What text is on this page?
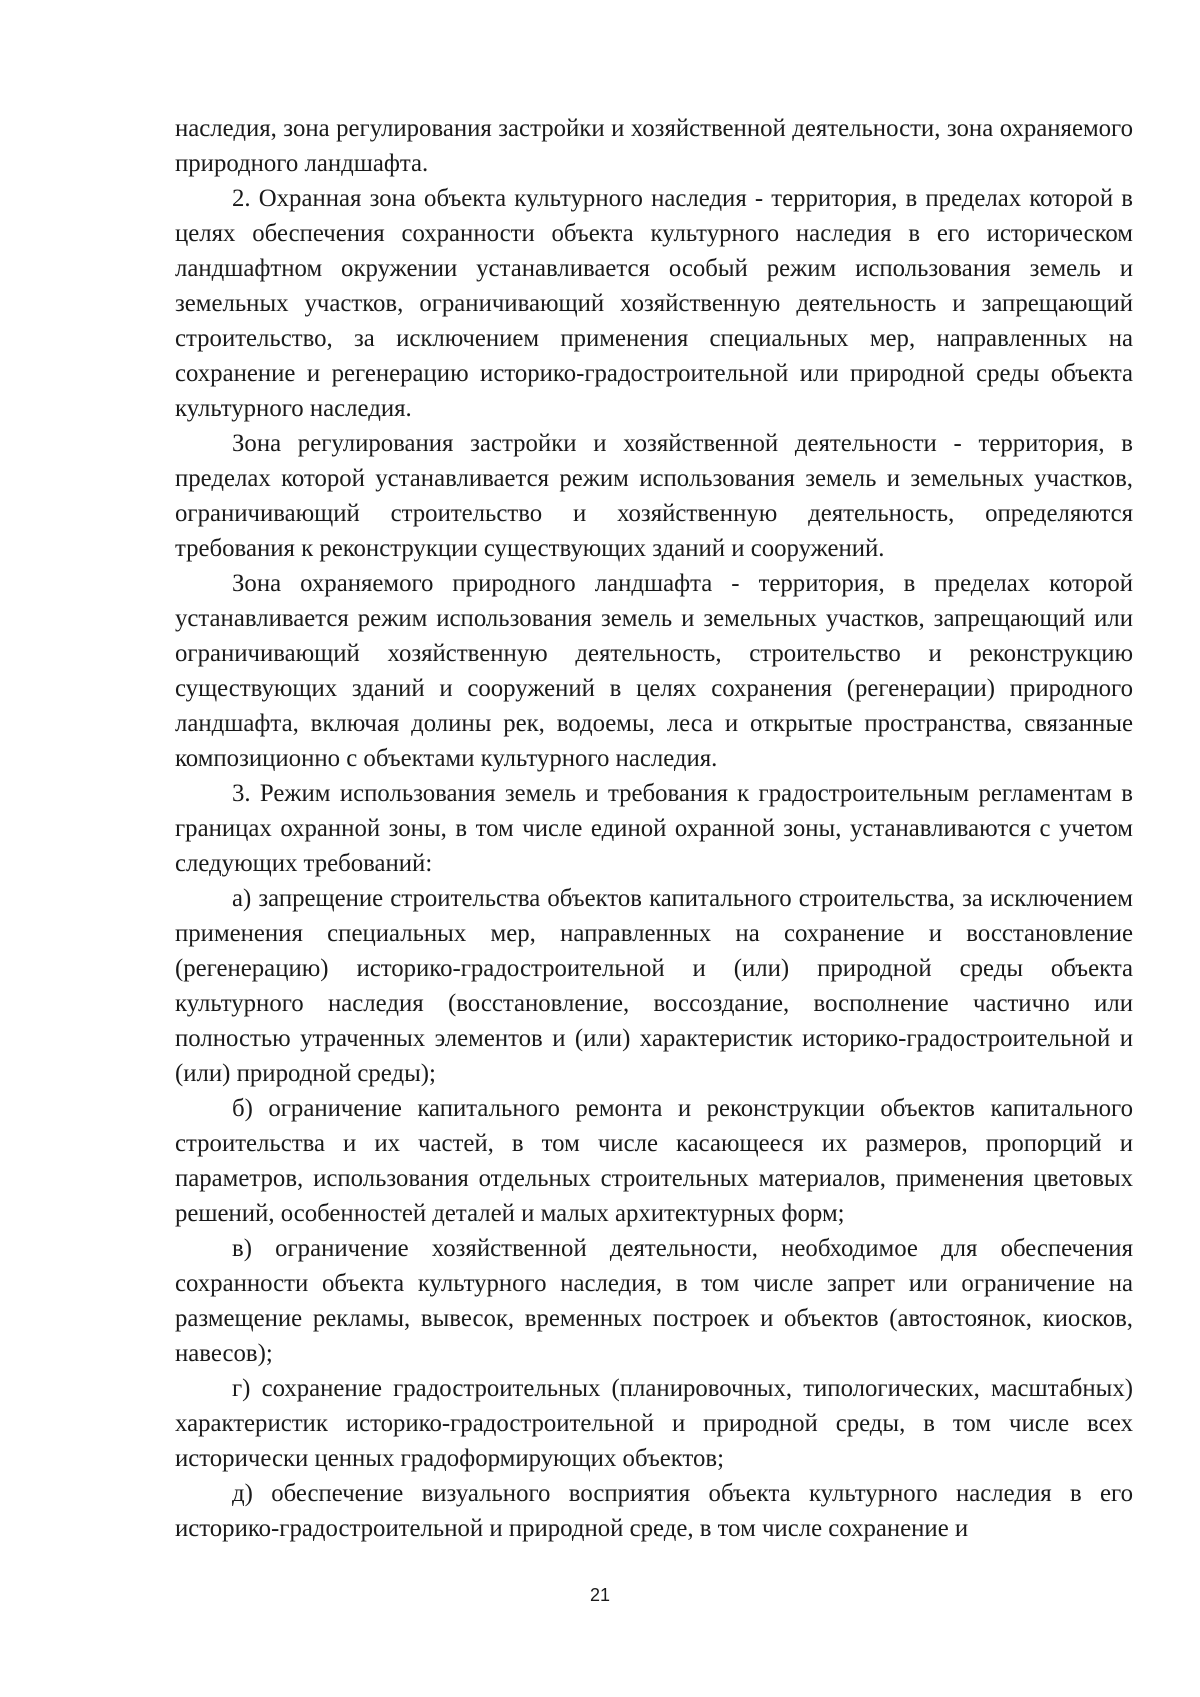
наследия, зона регулирования застройки и хозяйственной деятельности, зона охраняемого природного ландшафта.

2. Охранная зона объекта культурного наследия - территория, в пределах которой в целях обеспечения сохранности объекта культурного наследия в его историческом ландшафтном окружении устанавливается особый режим использования земель и земельных участков, ограничивающий хозяйственную деятельность и запрещающий строительство, за исключением применения специальных мер, направленных на сохранение и регенерацию историко-градостроительной или природной среды объекта культурного наследия.

Зона регулирования застройки и хозяйственной деятельности - территория, в пределах которой устанавливается режим использования земель и земельных участков, ограничивающий строительство и хозяйственную деятельность, определяются требования к реконструкции существующих зданий и сооружений.

Зона охраняемого природного ландшафта - территория, в пределах которой устанавливается режим использования земель и земельных участков, запрещающий или ограничивающий хозяйственную деятельность, строительство и реконструкцию существующих зданий и сооружений в целях сохранения (регенерации) природного ландшафта, включая долины рек, водоемы, леса и открытые пространства, связанные композиционно с объектами культурного наследия.

3. Режим использования земель и требования к градостроительным регламентам в границах охранной зоны, в том числе единой охранной зоны, устанавливаются с учетом следующих требований:

а) запрещение строительства объектов капитального строительства, за исключением применения специальных мер, направленных на сохранение и восстановление (регенерацию) историко-градостроительной и (или) природной среды объекта культурного наследия (восстановление, воссоздание, восполнение частично или полностью утраченных элементов и (или) характеристик историко-градостроительной и (или) природной среды);

б) ограничение капитального ремонта и реконструкции объектов капитального строительства и их частей, в том числе касающееся их размеров, пропорций и параметров, использования отдельных строительных материалов, применения цветовых решений, особенностей деталей и малых архитектурных форм;

в) ограничение хозяйственной деятельности, необходимое для обеспечения сохранности объекта культурного наследия, в том числе запрет или ограничение на размещение рекламы, вывесок, временных построек и объектов (автостоянок, киосков, навесов);

г) сохранение градостроительных (планировочных, типологических, масштабных) характеристик историко-градостроительной и природной среды, в том числе всех исторически ценных градоформирующих объектов;

д) обеспечение визуального восприятия объекта культурного наследия в его историко-градостроительной и природной среде, в том числе сохранение и

21
